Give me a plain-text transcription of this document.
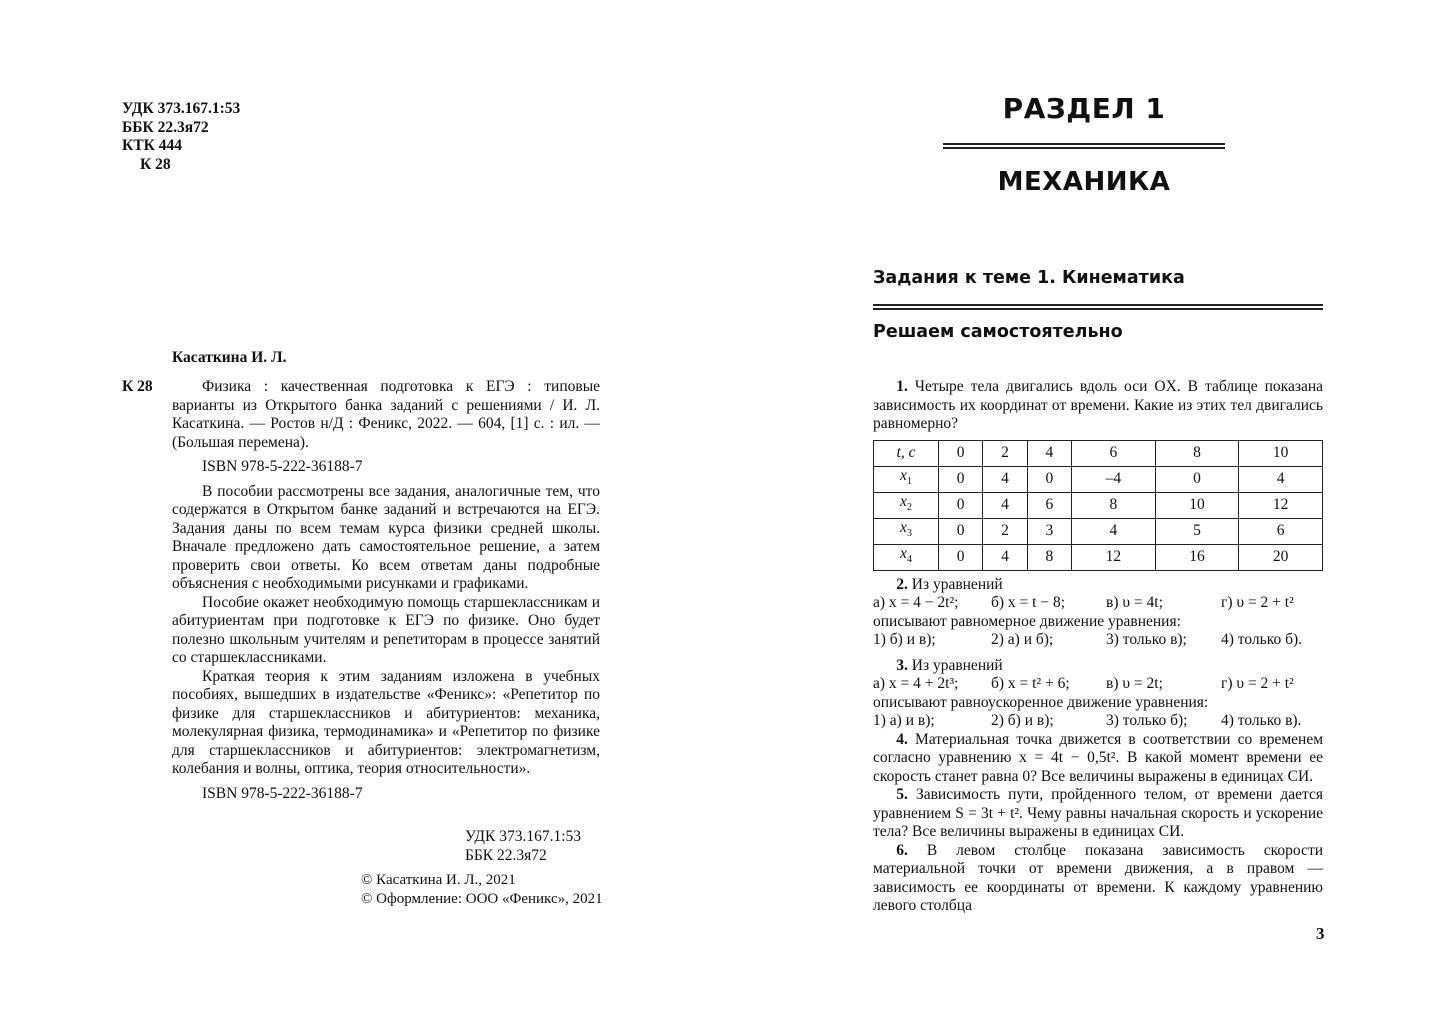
УДК 373.167.1:53
ББК 22.3я72
КТК 444
К 28
Касаткина И. Л.
К 28	Физика : качественная подготовка к ЕГЭ : типовые варианты из Открытого банка заданий с решениями / И. Л. Касаткина. — Ростов н/Д : Феникс, 2022. — 604, [1] с. : ил. — (Большая перемена).

ISBN 978-5-222-36188-7

В пособии рассмотрены все задания, аналогичные тем, что содержатся в Открытом банке заданий и встречаются на ЕГЭ. Задания даны по всем темам курса физики средней школы. Вначале предложено дать самостоятельное решение, а затем проверить свои ответы. Ко всем ответам даны подробные объяснения с необходимыми рисунками и графиками.

Пособие окажет необходимую помощь старшеклассникам и абитуриентам при подготовке к ЕГЭ по физике. Оно будет полезно школьным учителям и репетиторам в процессе занятий со старшеклассниками.

Краткая теория к этим заданиям изложена в учебных пособиях, вышедших в издательстве «Феникс»: «Репетитор по физике для старшеклассников и абитуриентов: механика, молекулярная физика, термодинамика» и «Репетитор по физике для старшеклассников и абитуриентов: электромагнетизм, колебания и волны, оптика, теория относительности».

ISBN 978-5-222-36188-7

УДК 373.167.1:53
ББК 22.3я72
© Касаткина И. Л., 2021
© Оформление: ООО «Феникс», 2021
РАЗДЕЛ 1
МЕХАНИКА
Задания к теме 1. Кинематика
Решаем самостоятельно

  1. Четыре тела двигались вдоль оси OX. В таблице показана зависимость их координат от времени. Какие из этих тел двигались равномерно?

t, с	0	2	4	6	8	10
$x_1$	0	4	0	–4	0	4
$x_2$	0	4	6	8	10	12
$x_3$	0	2	3	4	5	6
$x_4$	0	4	8	12	16	20
  2. Из уравнений
а) x = 4 − 2t²;	б) x = t − 8;	в) υ = 4t;	г) υ = 2 + t²
описывают равномерное движение уравнения:
1) б) и в);	2) а) и б);	3) только в);	4) только б).
  3. Из уравнений
а) x = 4 + 2t³;	б) x = t² + 6;	в) υ = 2t;	г) υ = 2 + t²
описывают равноускоренное движение уравнения:
1) а) и в);	2) б) и в);	3) только б);	4) только в).

  4. Материальная точка движется в соответствии со временем согласно уравнению x = 4t − 0,5t². В какой момент времени ее скорость станет равна 0? Все величины выражены в единицах СИ.

  5. Зависимость пути, пройденного телом, от времени дается уравнением S = 3t + t². Чему равны начальная скорость и ускорение тела? Все величины выражены в единицах СИ.

  6. В левом столбце показана зависимость скорости материальной точки от времени движения, а в правом — зависимость ее координаты от времени. К каждому уравнению левого столбца

3
